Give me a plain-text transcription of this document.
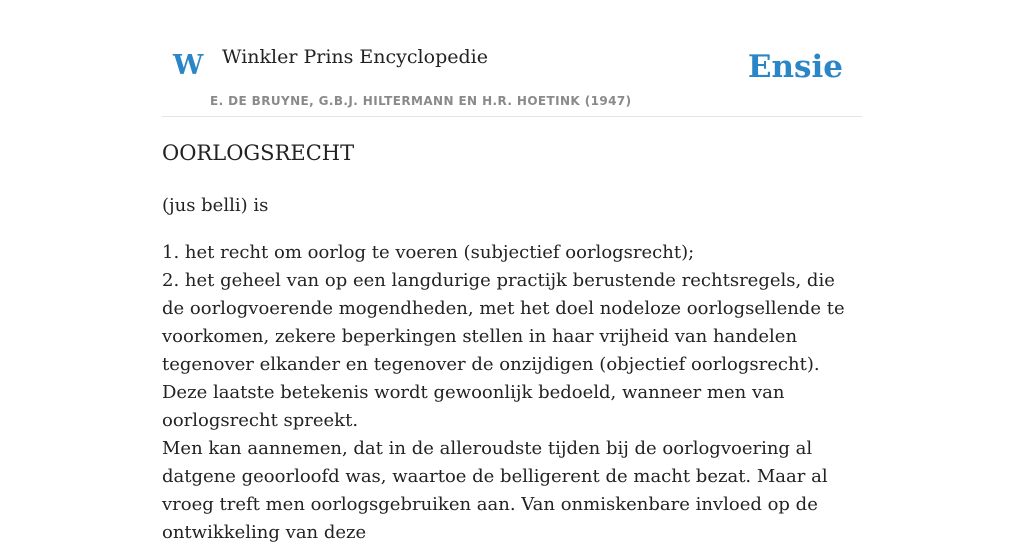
W Winkler Prins Encyclopedie
E. DE BRUYNE, G.B.J. HILTERMANN EN H.R. HOETINK (1947)
Ensie
OORLOGSRECHT

(jus belli) is

1. het recht om oorlog te voeren (subjectief oorlogsrecht);
2. het geheel van op een langdurige practijk berustende rechtsregels, die de oorlogvoerende mogendheden, met het doel nodeloze oorlogsellende te voorkomen, zekere beperkingen stellen in haar vrijheid van handelen tegenover elkander en tegenover de onzijdigen (objectief oorlogsrecht). Deze laatste betekenis wordt gewoonlijk bedoeld, wanneer men van oorlogsrecht spreekt.

Men kan aannemen, dat in de alleroudste tijden bij de oorlogvoering al datgene geoorloofd was, waartoe de belligerent de macht bezat. Maar al vroeg treft men oorlogsgebruiken aan. Van onmiskenbare invloed op de ontwikkeling van deze
